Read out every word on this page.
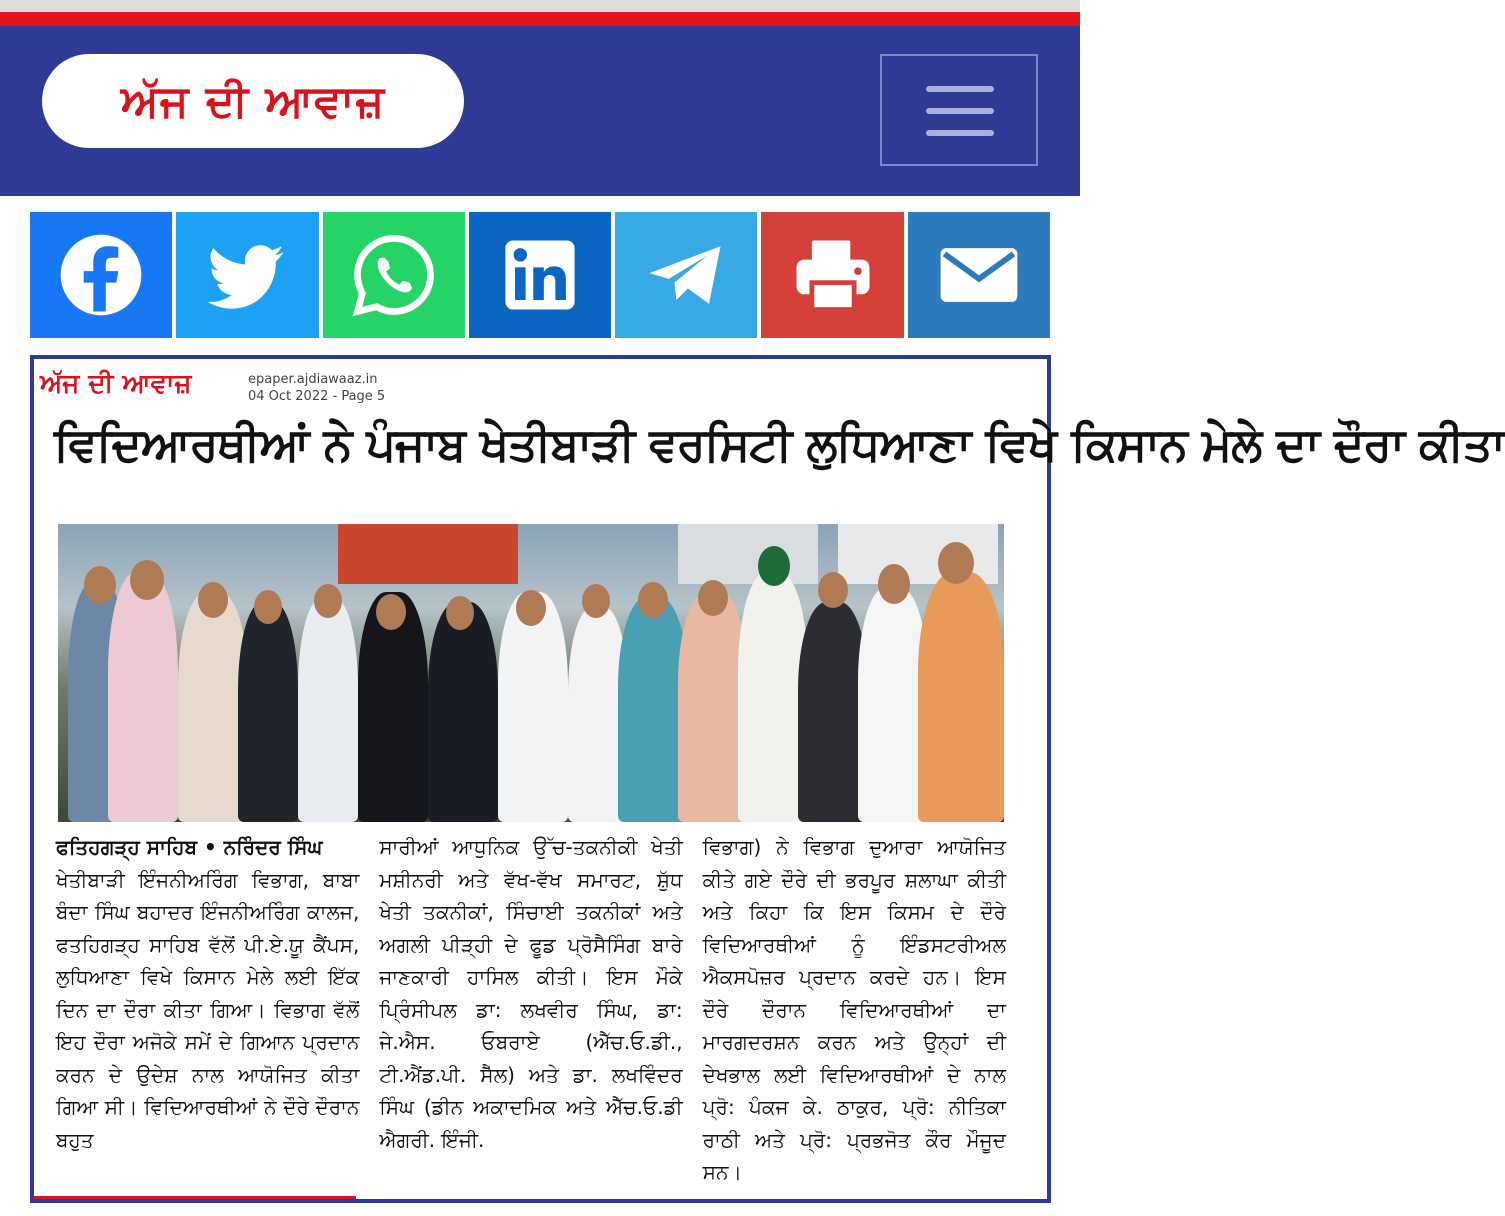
ਅੱਜ ਦੀ ਆਵਾਜ਼
ਅੱਜ ਦੀ ਆਵਾਜ਼	epaper.ajdiawaaz.in
04 Oct 2022 - Page 5
ਵਿਦਿਆਰਥੀਆਂ ਨੇ ਪੰਜਾਬ ਖੇਤੀਬਾੜੀ ਵਰਸਿਟੀ ਲੁਧਿਆਣਾ ਵਿਖੇ ਕਿਸਾਨ ਮੇਲੇ ਦਾ ਦੌਰਾ ਕੀਤਾ
ਫਤਿਹਗੜ੍ਹ ਸਾਹਿਬ • ਨਰਿੰਦਰ ਸਿੰਘ
ਖੇਤੀਬਾੜੀ ਇੰਜਨੀਅਰਿੰਗ ਵਿਭਾਗ, ਬਾਬਾ ਬੰਦਾ ਸਿੰਘ ਬਹਾਦਰ ਇੰਜਨੀਅਰਿੰਗ ਕਾਲਜ, ਫਤਹਿਗੜ੍ਹ ਸਾਹਿਬ ਵੱਲੋਂ ਪੀ.ਏ.ਯੂ ਕੈਂਪਸ, ਲੁਧਿਆਣਾ ਵਿਖੇ ਕਿਸਾਨ ਮੇਲੇ ਲਈ ਇੱਕ ਦਿਨ ਦਾ ਦੌਰਾ ਕੀਤਾ ਗਿਆ। ਵਿਭਾਗ ਵੱਲੋਂ ਇਹ ਦੌਰਾ ਅਜੋਕੇ ਸਮੇਂ ਦੇ ਗਿਆਨ ਪ੍ਰਦਾਨ ਕਰਨ ਦੇ ਉਦੇਸ਼ ਨਾਲ ਆਯੋਜਿਤ ਕੀਤਾ ਗਿਆ ਸੀ। ਵਿਦਿਆਰਥੀਆਂ ਨੇ ਦੌਰੇ ਦੌਰਾਨ ਬਹੁਤ
ਸਾਰੀਆਂ ਆਧੁਨਿਕ ਉੱਚ-ਤਕਨੀਕੀ ਖੇਤੀ ਮਸ਼ੀਨਰੀ ਅਤੇ ਵੱਖ-ਵੱਖ ਸਮਾਰਟ, ਸ਼ੁੱਧ ਖੇਤੀ ਤਕਨੀਕਾਂ, ਸਿੰਚਾਈ ਤਕਨੀਕਾਂ ਅਤੇ ਅਗਲੀ ਪੀੜ੍ਹੀ ਦੇ ਫੂਡ ਪ੍ਰੋਸੈਸਿੰਗ ਬਾਰੇ ਜਾਣਕਾਰੀ ਹਾਸਿਲ ਕੀਤੀ। ਇਸ ਮੌਕੇ ਪ੍ਰਿੰਸੀਪਲ ਡਾ: ਲਖਵੀਰ ਸਿੰਘ, ਡਾ: ਜੇ.ਐਸ. ਓਬਰਾਏ (ਐੱਚ.ਓ.ਡੀ., ਟੀ.ਐਂਡ.ਪੀ. ਸੈੱਲ) ਅਤੇ ਡਾ. ਲਖਵਿੰਦਰ ਸਿੰਘ (ਡੀਨ ਅਕਾਦਮਿਕ ਅਤੇ ਐੱਚ.ਓ.ਡੀ ਐਗਰੀ. ਇੰਜੀ.
ਵਿਭਾਗ) ਨੇ ਵਿਭਾਗ ਦੁਆਰਾ ਆਯੋਜਿਤ ਕੀਤੇ ਗਏ ਦੌਰੇ ਦੀ ਭਰਪੂਰ ਸ਼ਲਾਘਾ ਕੀਤੀ ਅਤੇ ਕਿਹਾ ਕਿ ਇਸ ਕਿਸਮ ਦੇ ਦੌਰੇ ਵਿਦਿਆਰਥੀਆਂ ਨੂੰ ਇੰਡਸਟਰੀਅਲ ਐਕਸਪੋਜ਼ਰ ਪ੍ਰਦਾਨ ਕਰਦੇ ਹਨ। ਇਸ ਦੌਰੇ ਦੌਰਾਨ ਵਿਦਿਆਰਥੀਆਂ ਦਾ ਮਾਰਗਦਰਸ਼ਨ ਕਰਨ ਅਤੇ ਉਨ੍ਹਾਂ ਦੀ ਦੇਖਭਾਲ ਲਈ ਵਿਦਿਆਰਥੀਆਂ ਦੇ ਨਾਲ ਪ੍ਰੋ: ਪੰਕਜ ਕੇ. ਠਾਕੁਰ, ਪ੍ਰੋ: ਨੀਤਿਕਾ ਰਾਠੀ ਅਤੇ ਪ੍ਰੋ: ਪ੍ਰਭਜੋਤ ਕੌਰ ਮੌਜੂਦ ਸਨ।
